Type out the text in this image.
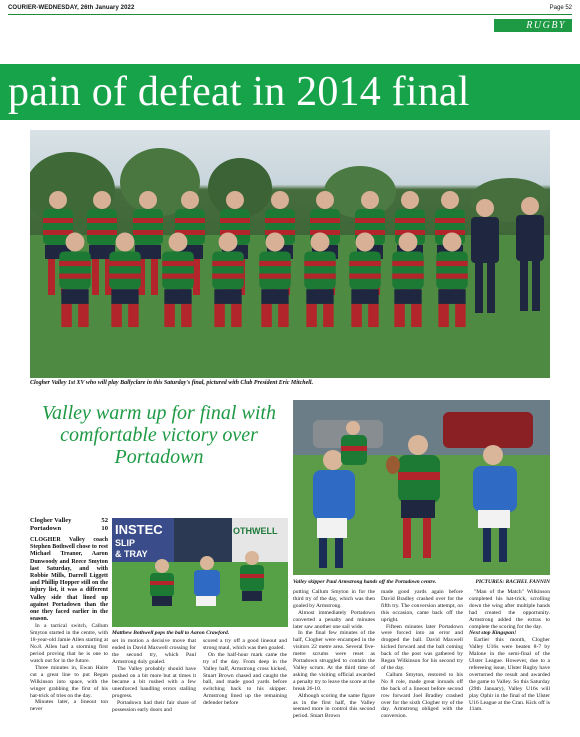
COURIER-WEDNESDAY, 26th January 2022	Page 52
RUGBY
pain of defeat in 2014 final
Clogher Valley 1st XV who will play Ballyclare in this Saturday's final, pictured with Club President Eric Mitchell.
Valley warm up for final with comfortable victory over Portadown
Valley skipper Paul Armstrong hands off the Portadown centre.	PICTURES: RACHEL FANNIN
INSTEC
SLIP
& TRAY
OTHWELL
Matthew Bothwell pops the ball to Aaron Crawford.
Clogher Valley	52
Portadown	10

CLOGHER Valley coach Stephen Bothwell chose to rest Michael Treanor, Aaron Dunwoody and Reece Smyton last Saturday, and with Robbie Mills, Darrell Liggett and Phillip Hopper still on the injury list, it was a different Valley side that lined up against Portadown than the one they faced earlier in the season.

In a tactical switch, Callum Smyton started in the centre, with 18-year-old Jamie Allen starting at No.8. Allen had a storming first period proving that he is one to watch out for in the future.

Three minutes in, Ewan Haire cut a great line to put Regan Wilkinson into space, with the winger grabbing the first of his hat-trick of tries on the day.

Minutes later, a lineout ton never

set in motion a decisive move that ended in David Maxwell crossing for the second try, which Paul Armstrong duly goaled.

The Valley probably should have pushed on a bit more but at times it became a bit rushed with a few unenforced handling errors stalling progress.

Portadown had their fair share of possession early doors and

scored a try off a good lineout and strong maul, which was then goaled.

On the half-hour mark came the try of the day. From deep in the Valley half, Armstrong cross kicked, Stuart Brown chased and caught the ball, and made good yards before switching back to his skipper. Armstrong lined up the remaining defender before

putting Callum Smyton in for the third try of the day, which was then goaled by Armstrong.

Almost immediately Portadown converted a penalty and minutes later saw another one sail wide.

In the final few minutes of the half, Clogher were encamped in the visitors 22 metre area. Several five-metre scrums were reset as Portadown struggled to contain the Valley scrum. At the third time of asking the visiting official awarded a penalty try to leave the score at the break 26-10.

Although scoring the same figure as in the first half, the Valley seemed more in control this second period. Stuart Brown

made good yards again before David Bradley crashed over for the fifth try. The conversion attempt, on this occasion, came back off the upright.

Fifteen minutes later Portadown were forced into an error and dropped the ball. David Maxwell kicked forward and the ball coming back of the post was gathered by Regan Wilkinson for his second try of the day.

Callum Smyton, restored to his No 8 role, made great inroads off the back of a lineout before second row forward Joel Bradley crashed over for the sixth Clogher try of the day. Armstrong obliged with the conversion.

"Man of the Match" Wilkinson completed his hat-trick, scrolling down the wing after multiple hands had created the opportunity. Armstrong added the extras to complete the scoring for the day.

Next stop Kingspan!

Earlier this month, Clogher Valley U16s were beaten 8-7 by Malone in the semi-final of the Ulster League. However, due to a refereeing issue, Ulster Rugby have overturned the result and awarded the game to Valley. So this Saturday (29th January), Valley U16s will play Ophir in the final of the Ulster U16 League at the Cran. Kick off is 11am.
